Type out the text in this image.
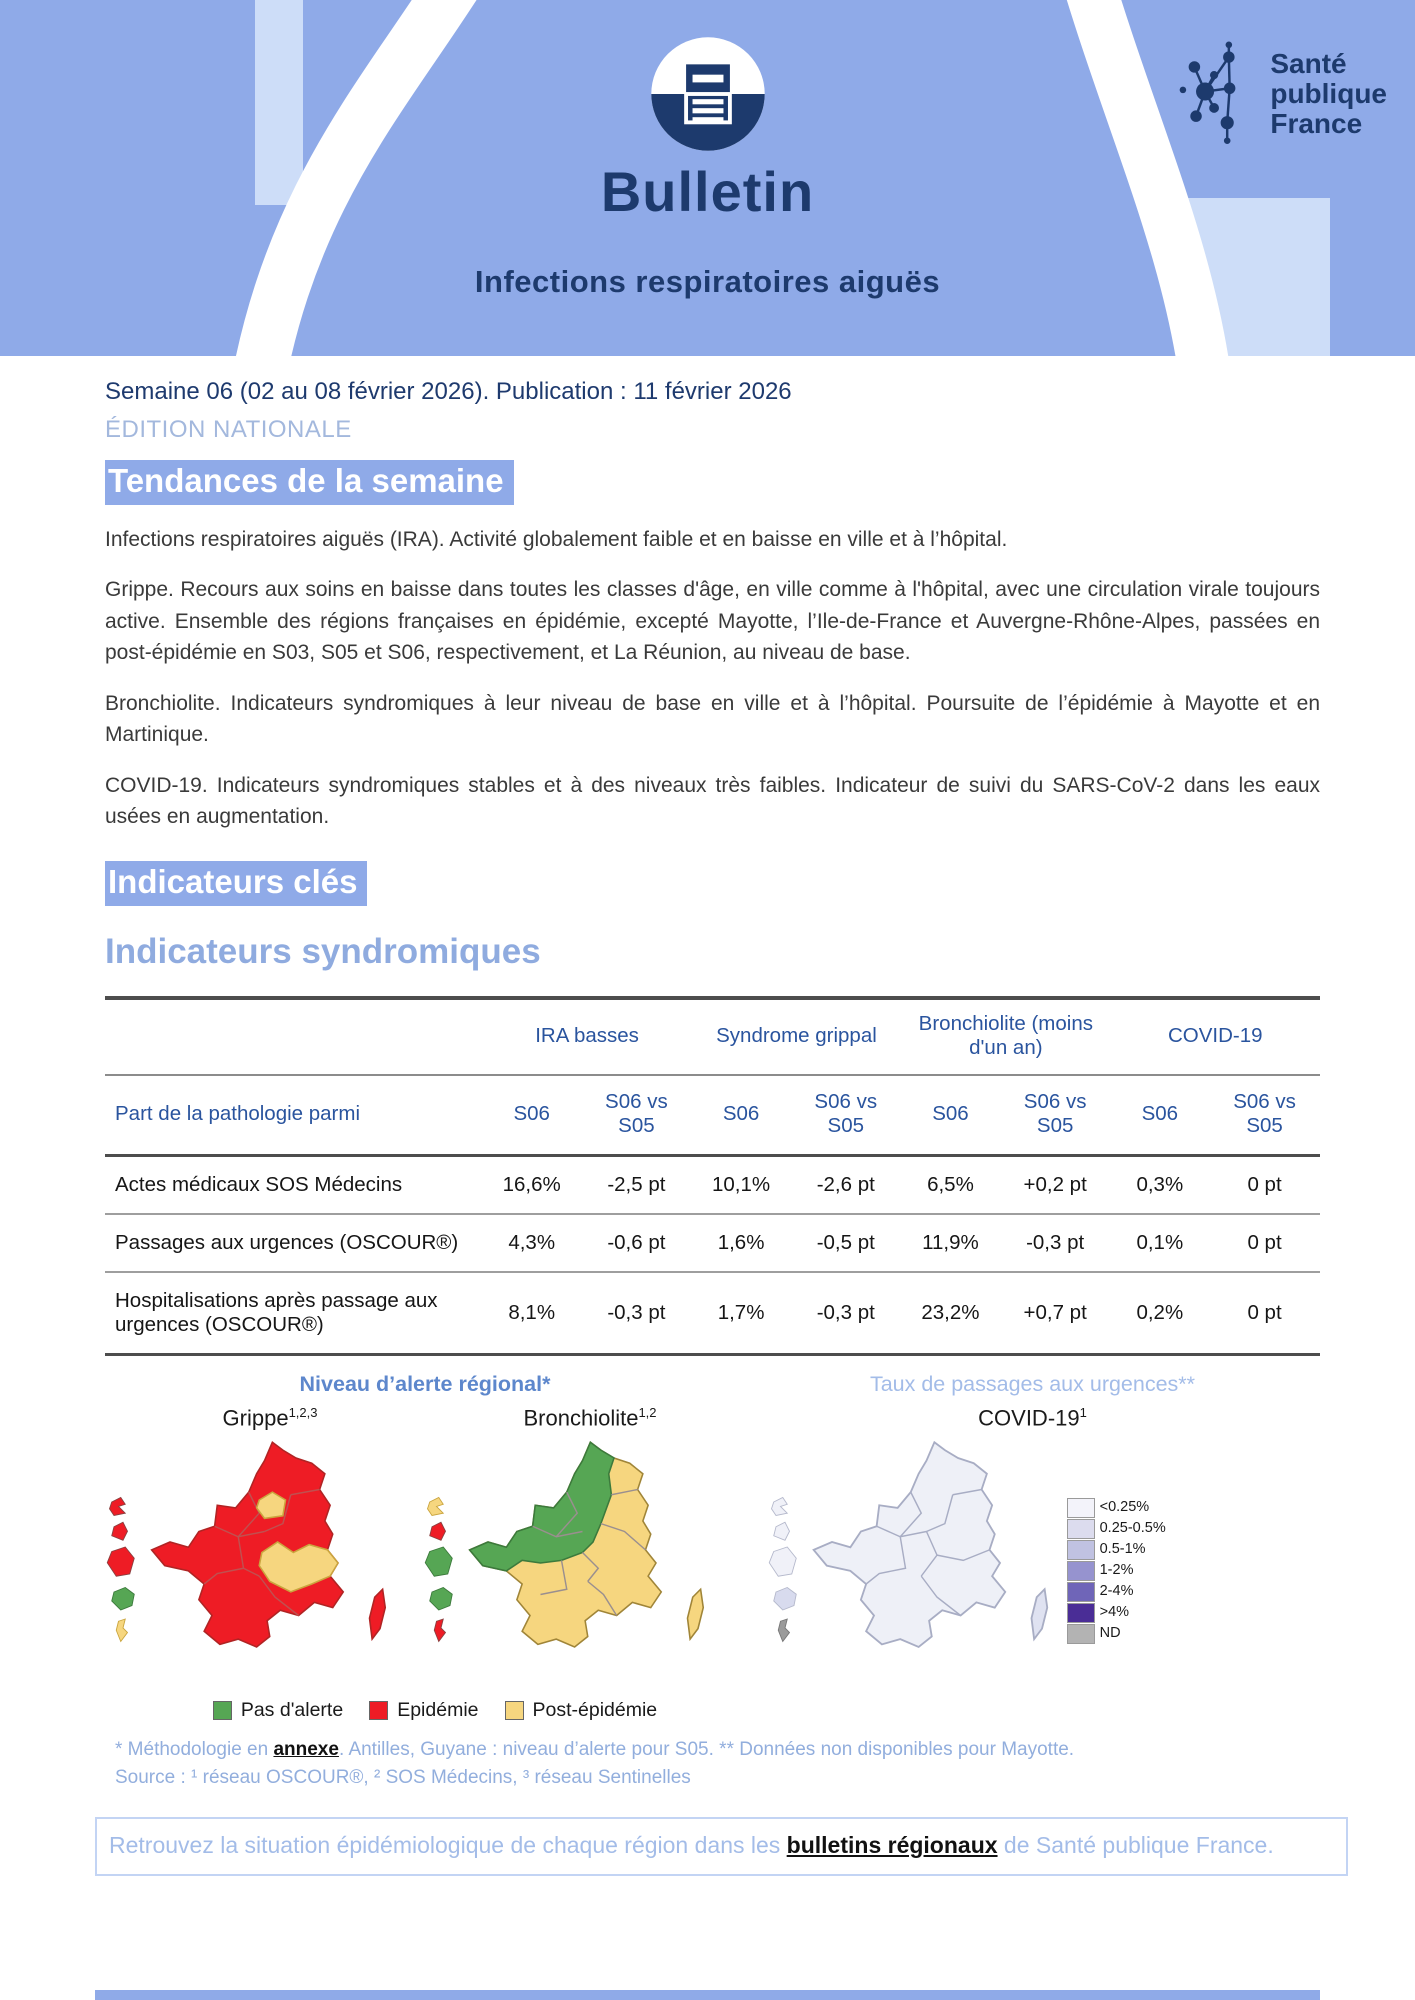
Bulletin
Infections respiratoires aiguës
Santé
publique
France
Semaine 06 (02 au 08 février 2026). Publication : 11 février 2026
ÉDITION NATIONALE
Tendances de la semaine

Infections respiratoires aiguës (IRA). Activité globalement faible et en baisse en ville et à l’hôpital.

Grippe. Recours aux soins en baisse dans toutes les classes d'âge, en ville comme à l'hôpital, avec une circulation virale toujours active. Ensemble des régions françaises en épidémie, excepté Mayotte, l’Ile-de-France et Auvergne-Rhône-Alpes, passées en post-épidémie en S03, S05 et S06, respectivement, et La Réunion, au niveau de base.

Bronchiolite. Indicateurs syndromiques à leur niveau de base en ville et à l’hôpital. Poursuite de l’épidémie à Mayotte et en Martinique.

COVID-19. Indicateurs syndromiques stables et à des niveaux très faibles. Indicateur de suivi du SARS-CoV-2 dans les eaux usées en augmentation.

Indicateurs clés
Indicateurs syndromiques
	IRA basses		Syndrome grippal		Bronchiolite (moins d'un an)		COVID-19	
Part de la pathologie parmi	S06	S06 vs S05	S06	S06 vs S05	S06	S06 vs S05	S06	S06 vs S05
Actes médicaux SOS Médecins	16,6%	-2,5 pt	10,1%	-2,6 pt	6,5%	+0,2 pt	0,3%	0 pt
Passages aux urgences (OSCOUR®)	4,3%	-0,6 pt	1,6%	-0,5 pt	11,9%	-0,3 pt	0,1%	0 pt
Hospitalisations après passage aux urgences (OSCOUR®)	8,1%	-0,3 pt	1,7%	-0,3 pt	23,2%	+0,7 pt	0,2%	0 pt
Niveau d’alerte régional*	Taux de passages aux urgences**
Grippe$^{1,2,3}$	Bronchiolite$^{1,2}$	COVID-$19^1$
<0.25%
0.25-0.5%
0.5-1%
1-2%
2-4%
>4%
ND
Pas d'alerte	Epidémie	Post-épidémie
* Méthodologie en annexe. Antilles, Guyane : niveau d’alerte pour S05. ** Données non disponibles pour Mayotte.
Source : ¹ réseau OSCOUR®, ² SOS Médecins, ³ réseau Sentinelles
Retrouvez la situation épidémiologique de chaque région dans les bulletins régionaux de Santé publique France.
